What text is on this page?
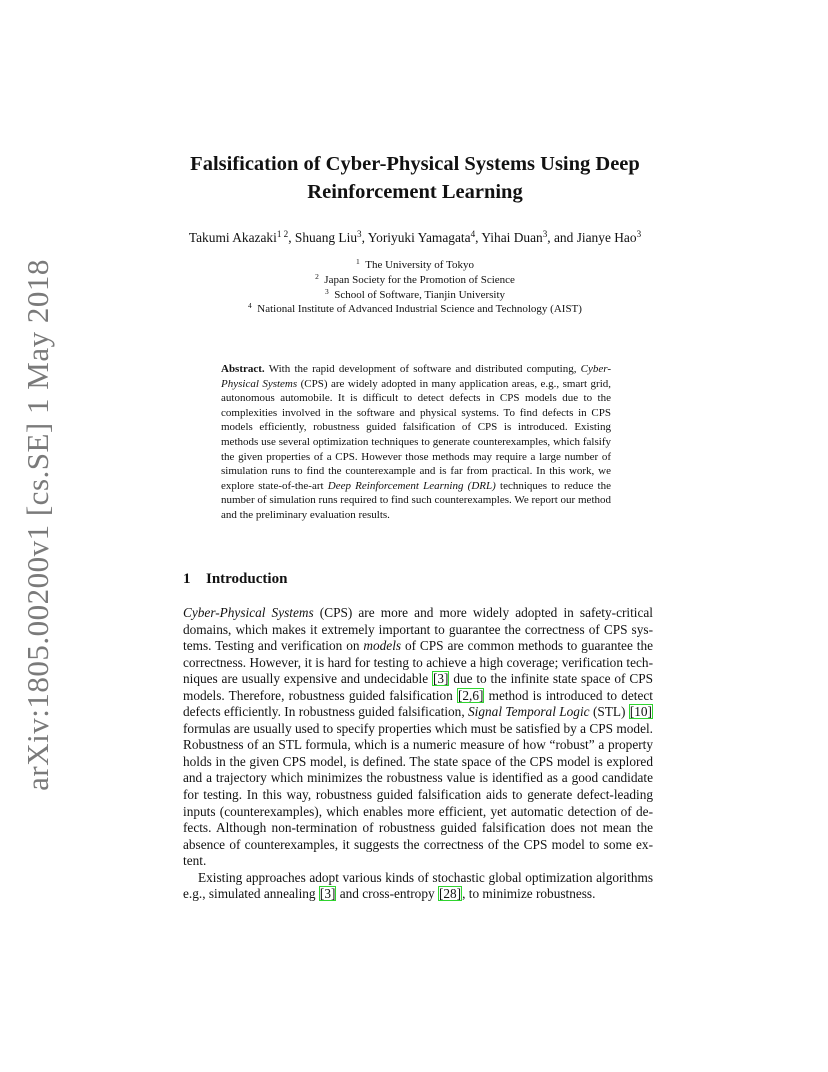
arXiv:1805.00200v1 [cs.SE] 1 May 2018
Falsification of Cyber-Physical Systems Using Deep
Reinforcement Learning
Takumi Akazaki$^{1 2}$, Shuang Liu$^3$, Yoriyuki Yamagata$^4$, Yihai Duan$^3$, and Jianye Hao$^3$
$^1$ The University of Tokyo
$^2$ Japan Society for the Promotion of Science
$^3$ School of Software, Tianjin University
$^4$ National Institute of Advanced Industrial Science and Technology (AIST)
Abstract. With the rapid development of software and distributed computing, Cyber-Physical Systems (CPS) are widely adopted in many application areas, e.g., smart grid, autonomous automobile. It is difficult to detect defects in CPS models due to the complexities involved in the software and physical systems. To find defects in CPS models efficiently, robustness guided falsification of CPS is introduced. Existing methods use several optimization techniques to generate counterexamples, which falsify the given properties of a CPS. However those methods may require a large number of simulation runs to find the counterexample and is far from practical. In this work, we explore state-of-the-art Deep Reinforcement Learning (DRL) techniques to reduce the number of simulation runs required to find such counterexamples. We report our method and the preliminary evaluation results.
1 Introduction

Cyber-Physical Systems (CPS) are more and more widely adopted in safety-critical domains, which makes it extremely important to guarantee the correctness of CPS systems. Testing and verification on models of CPS are common methods to guarantee the correctness. However, it is hard for testing to achieve a high coverage; verification techniques are usually expensive and undecidable [3] due to the infinite state space of CPS models. Therefore, robustness guided falsification [2,6] method is introduced to detect defects efficiently. In robustness guided falsification, Signal Temporal Logic (STL) [10] formulas are usually used to specify properties which must be satisfied by a CPS model. Robustness of an STL formula, which is a numeric measure of how “robust” a property holds in the given CPS model, is defined. The state space of the CPS model is explored and a trajectory which minimizes the robustness value is identified as a good candidate for testing. In this way, robustness guided falsification aids to generate defect-leading inputs (counterexamples), which enables more efficient, yet automatic detection of defects. Although non-termination of robustness guided falsification does not mean the absence of counterexamples, it suggests the correctness of the CPS model to some extent.

Existing approaches adopt various kinds of stochastic global optimization algorithms e.g., simulated annealing [3] and cross-entropy [28], to minimize robustness.
